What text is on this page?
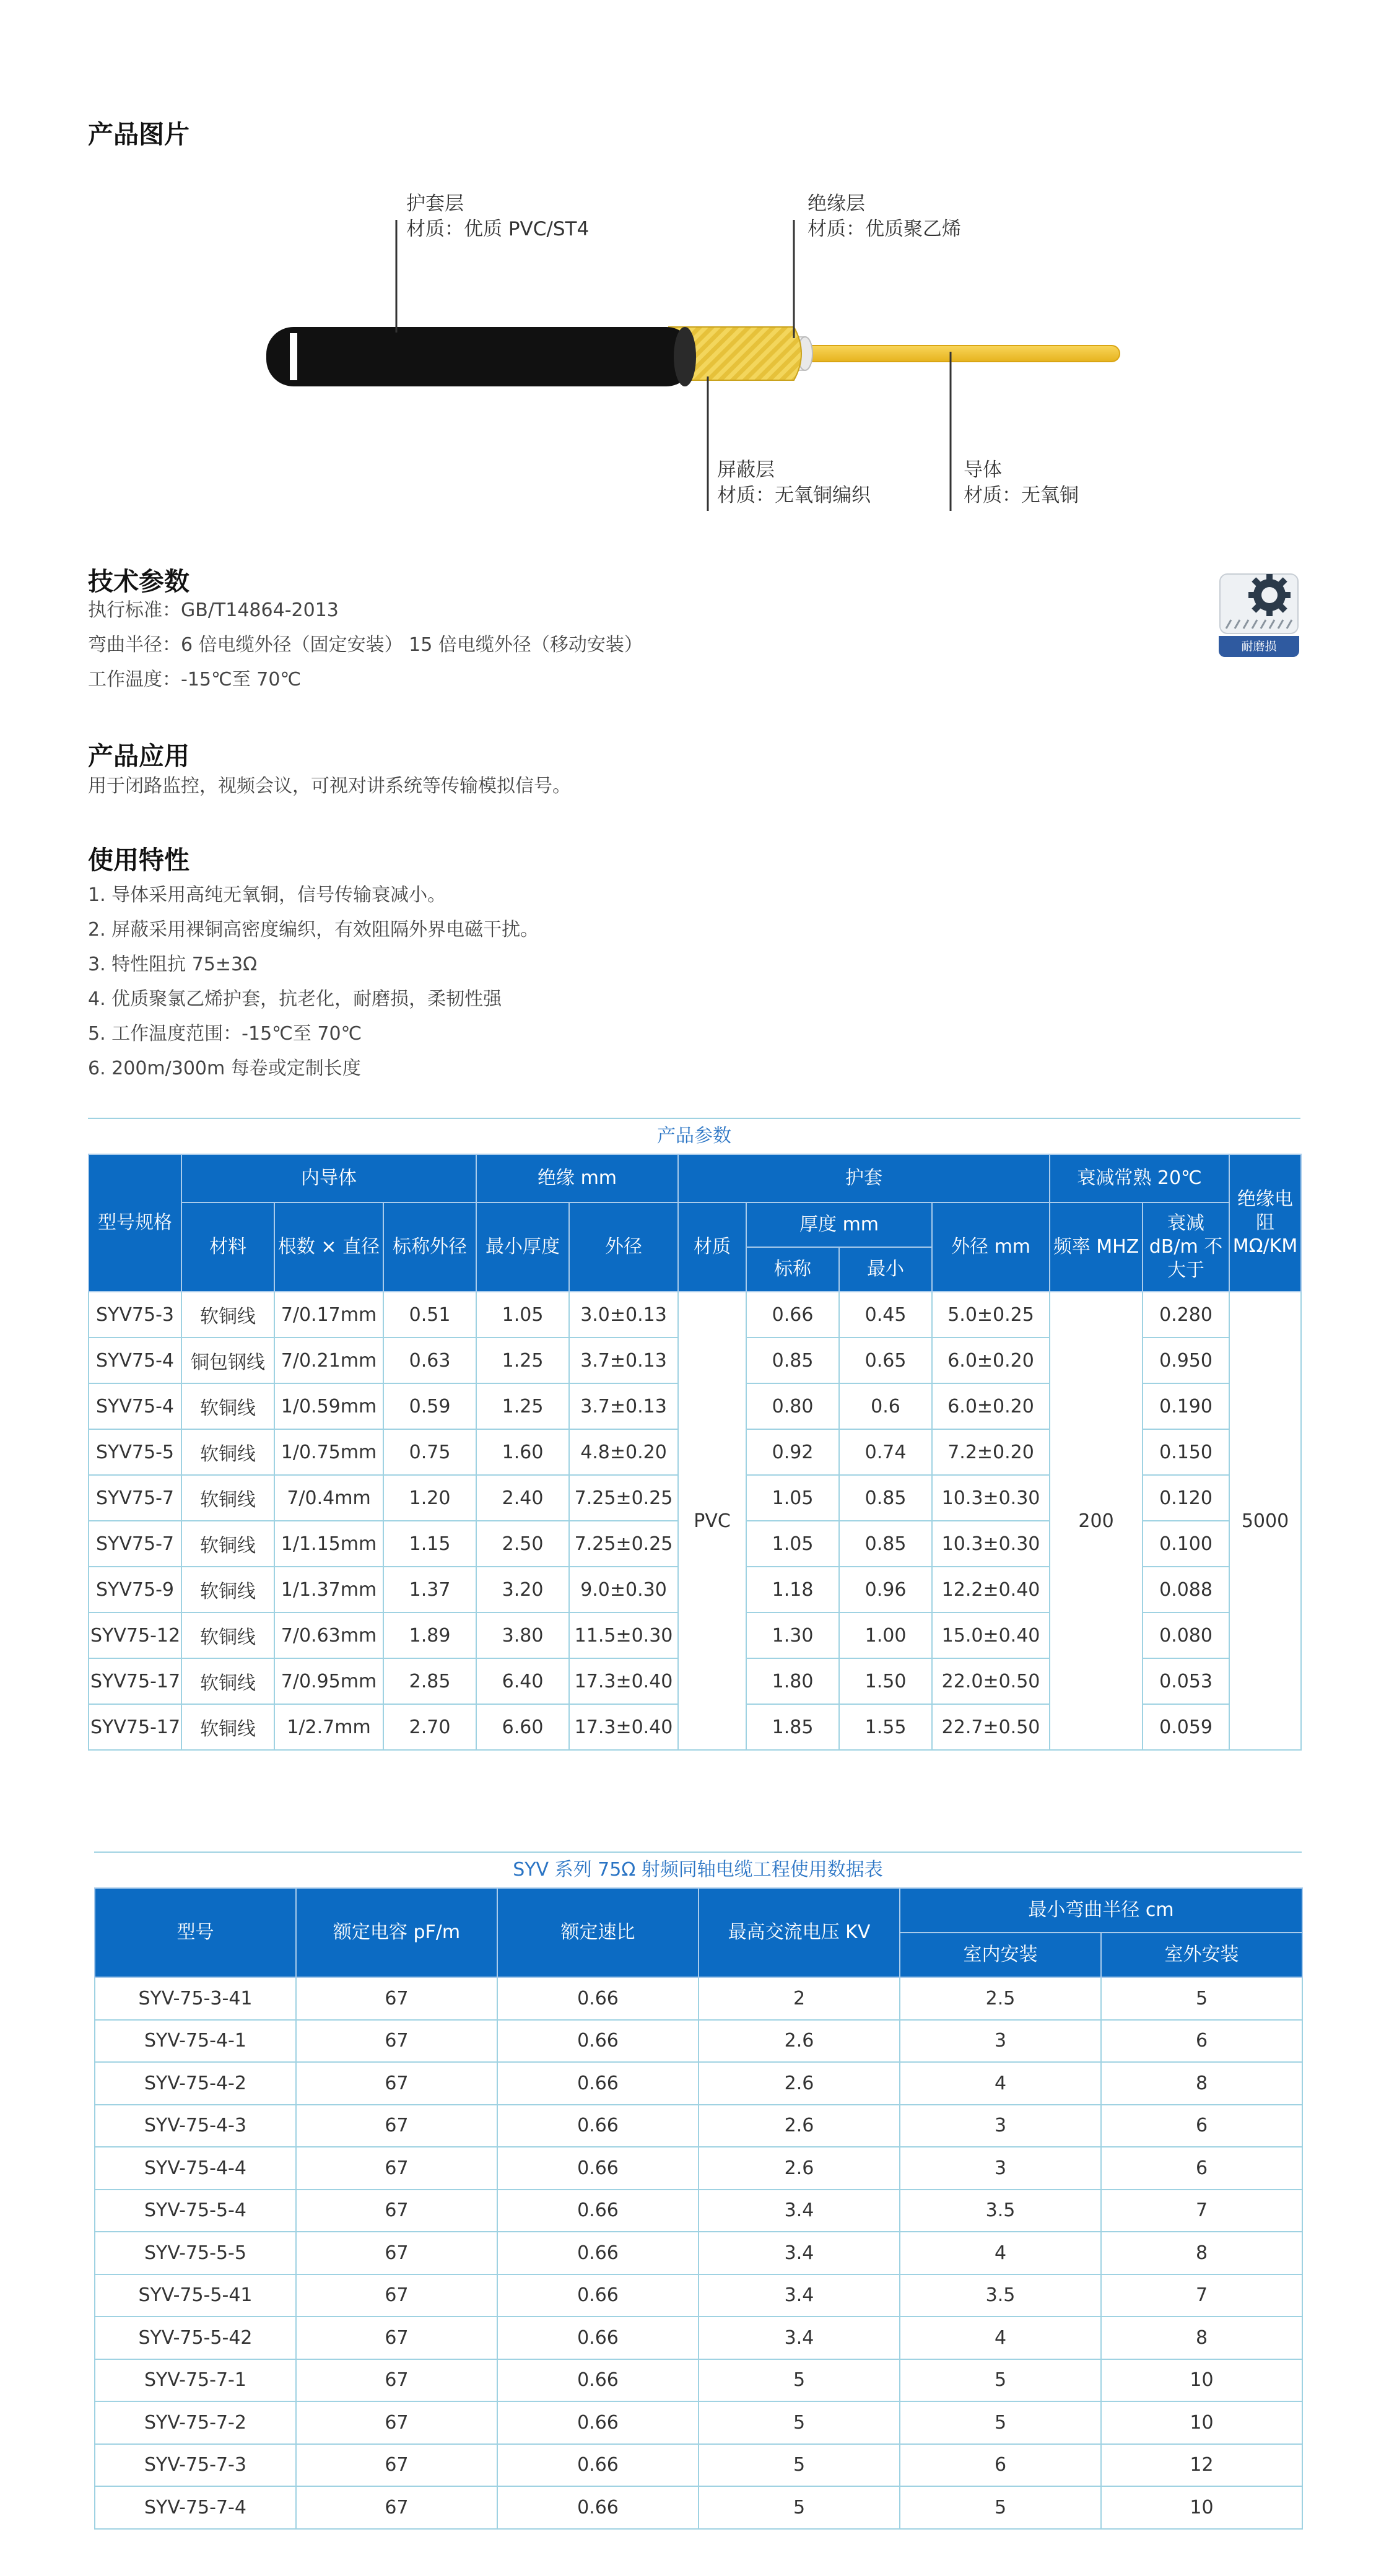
产品图片
护套层
材质：优质 PVC/ST4
绝缘层
材质：优质聚乙烯
屏蔽层
材质：无氧铜编织
导体
材质：无氧铜
技术参数
执行标准：GB/T14864-2013
弯曲半径：6 倍电缆外径（固定安装） 15 倍电缆外径（移动安装）
工作温度：-15℃至 70℃
耐磨损
产品应用
用于闭路监控，视频会议，可视对讲系统等传输模拟信号。
使用特性
1. 导体采用高纯无氧铜，信号传输衰减小。
2. 屏蔽采用裸铜高密度编织，有效阻隔外界电磁干扰。
3. 特性阻抗 75±3Ω
4. 优质聚氯乙烯护套，抗老化，耐磨损，柔韧性强
5. 工作温度范围：-15℃至 70℃
6. 200m/300m 每卷或定制长度
产品参数
型号规格	内导体			绝缘 mm		护套				衰减常熟 20℃		绝缘电阻 MΩ/KM
	材料	根数 × 直径	标称外径	最小厚度	外径	材质	厚度 mm		外径 mm	频率 MHZ	衰减 dB/m 不大于	
							标称	最小				
SYV75-3	软铜线	7/0.17mm	0.51	1.05	3.0±0.13	PVC	0.66	0.45	5.0±0.25	200	0.280	5000
SYV75-4	铜包钢线	7/0.21mm	0.63	1.25	3.7±0.13		0.85	0.65	6.0±0.20		0.950	
SYV75-4	软铜线	1/0.59mm	0.59	1.25	3.7±0.13		0.80	0.6	6.0±0.20		0.190	
SYV75-5	软铜线	1/0.75mm	0.75	1.60	4.8±0.20		0.92	0.74	7.2±0.20		0.150	
SYV75-7	软铜线	7/0.4mm	1.20	2.40	7.25±0.25		1.05	0.85	10.3±0.30		0.120	
SYV75-7	软铜线	1/1.15mm	1.15	2.50	7.25±0.25		1.05	0.85	10.3±0.30		0.100	
SYV75-9	软铜线	1/1.37mm	1.37	3.20	9.0±0.30		1.18	0.96	12.2±0.40		0.088	
SYV75-12	软铜线	7/0.63mm	1.89	3.80	11.5±0.30		1.30	1.00	15.0±0.40		0.080	
SYV75-17	软铜线	7/0.95mm	2.85	6.40	17.3±0.40		1.80	1.50	22.0±0.50		0.053	
SYV75-17	软铜线	1/2.7mm	2.70	6.60	17.3±0.40		1.85	1.55	22.7±0.50		0.059	
SYV 系列 75Ω 射频同轴电缆工程使用数据表
型号	额定电容 pF/m	额定速比	最高交流电压 KV	最小弯曲半径 cm	
				室内安装	室外安装
SYV-75-3-41	67	0.66	2	2.5	5
SYV-75-4-1	67	0.66	2.6	3	6
SYV-75-4-2	67	0.66	2.6	4	8
SYV-75-4-3	67	0.66	2.6	3	6
SYV-75-4-4	67	0.66	2.6	3	6
SYV-75-5-4	67	0.66	3.4	3.5	7
SYV-75-5-5	67	0.66	3.4	4	8
SYV-75-5-41	67	0.66	3.4	3.5	7
SYV-75-5-42	67	0.66	3.4	4	8
SYV-75-7-1	67	0.66	5	5	10
SYV-75-7-2	67	0.66	5	5	10
SYV-75-7-3	67	0.66	5	6	12
SYV-75-7-4	67	0.66	5	5	10
